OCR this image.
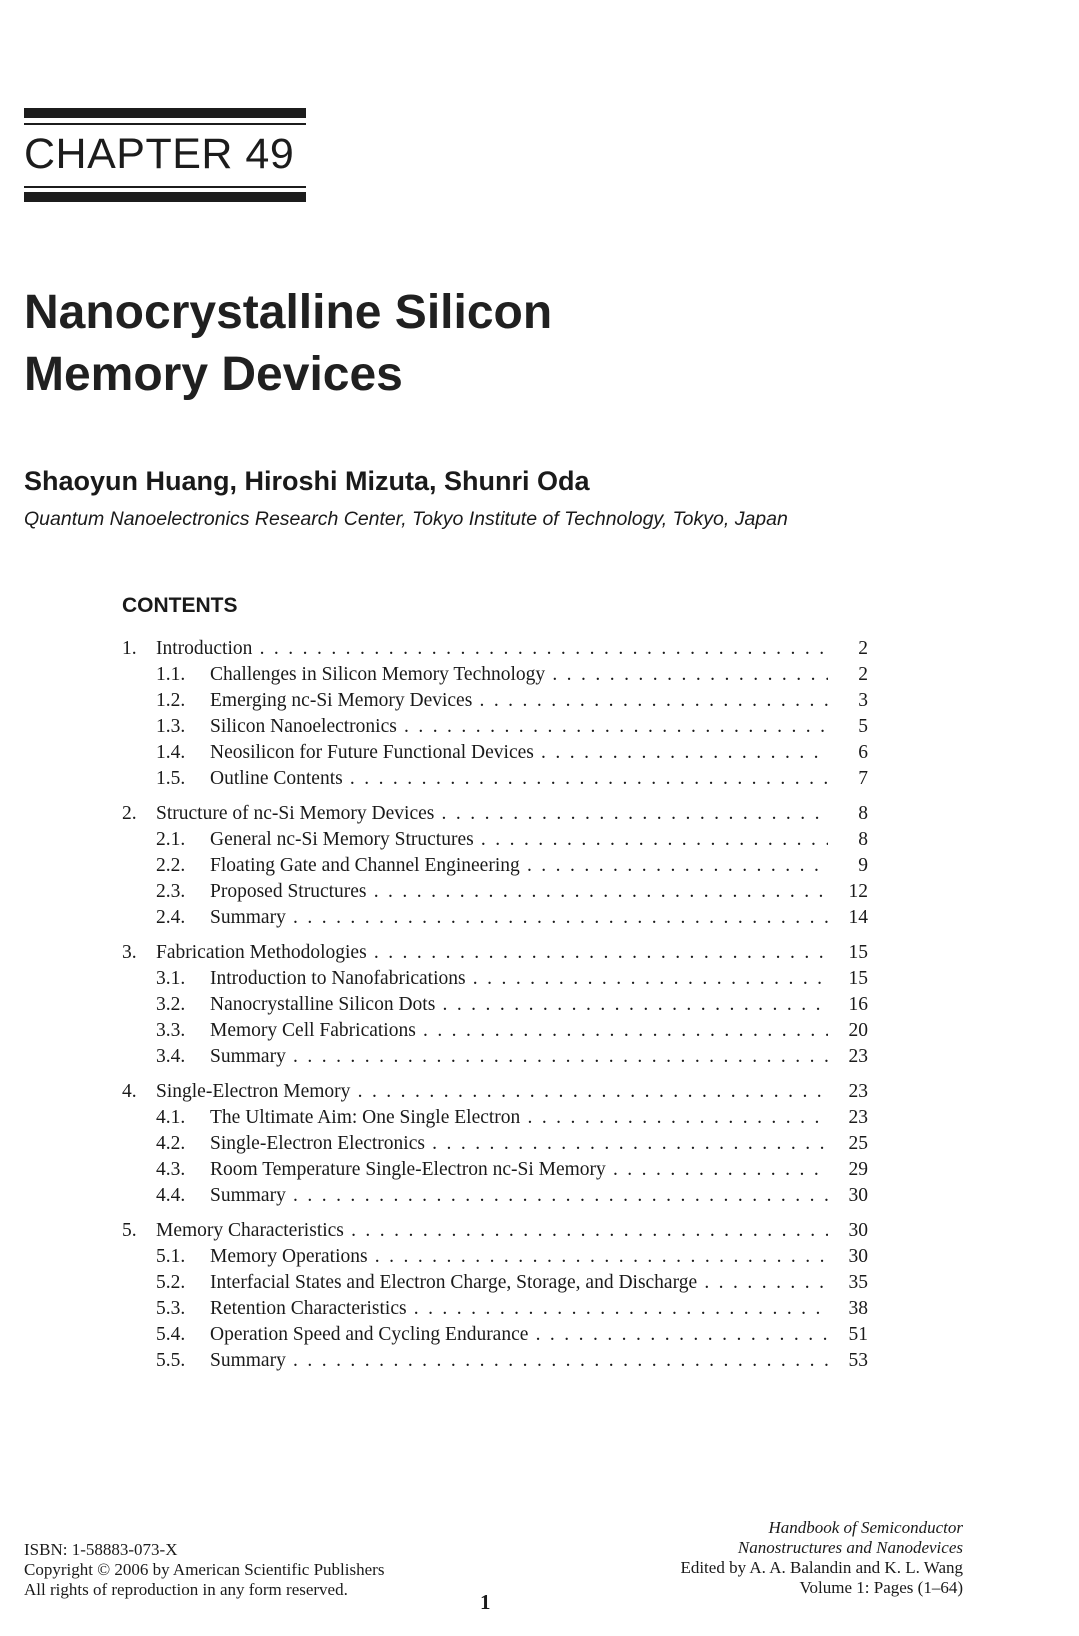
CHAPTER 49
Nanocrystalline Silicon
Memory Devices
Shaoyun Huang, Hiroshi Mizuta, Shunri Oda
Quantum Nanoelectronics Research Center, Tokyo Institute of Technology, Tokyo, Japan
CONTENTS
1. Introduction . . .	2
1.1. Challenges in Silicon Memory Technology . . .	2
1.2. Emerging nc-Si Memory Devices . . .	3
1.3. Silicon Nanoelectronics . . .	5
1.4. Neosilicon for Future Functional Devices . . .	6
1.5. Outline Contents . . .	7
2. Structure of nc-Si Memory Devices . . .	8
2.1. General nc-Si Memory Structures . . .	8
2.2. Floating Gate and Channel Engineering . . .	9
2.3. Proposed Structures . . .	12
2.4. Summary . . .	14
3. Fabrication Methodologies . . .	15
3.1. Introduction to Nanofabrications . . .	15
3.2. Nanocrystalline Silicon Dots . . .	16
3.3. Memory Cell Fabrications . . .	20
3.4. Summary . . .	23
4. Single-Electron Memory . . .	23
4.1. The Ultimate Aim: One Single Electron . . .	23
4.2. Single-Electron Electronics . . .	25
4.3. Room Temperature Single-Electron nc-Si Memory . . .	29
4.4. Summary . . .	30
5. Memory Characteristics . . .	30
5.1. Memory Operations . . .	30
5.2. Interfacial States and Electron Charge, Storage, and Discharge . . .	35
5.3. Retention Characteristics . . .	38
5.4. Operation Speed and Cycling Endurance . . .	51
5.5. Summary . . .	53
ISBN: 1-58883-073-X
Copyright © 2006 by American Scientific Publishers
All rights of reproduction in any form reserved.
Handbook of Semiconductor
Nanostructures and Nanodevices
Edited by A. A. Balandin and K. L. Wang
Volume 1: Pages (1–64)
1
